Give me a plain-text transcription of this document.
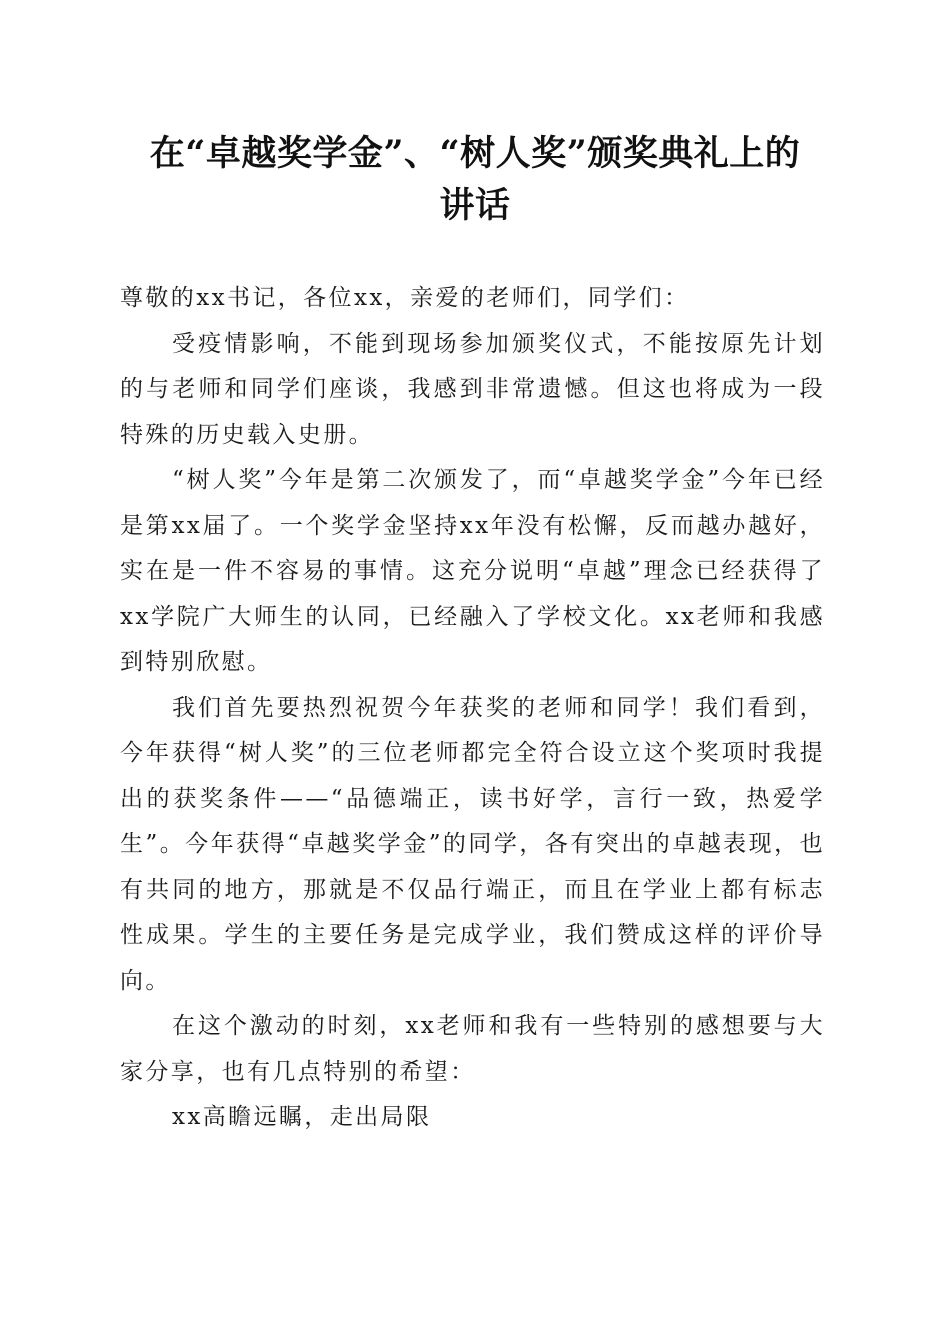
在“卓越奖学金”、“树人奖”颁奖典礼上的
讲话

尊敬的xx书记，各位xx，亲爱的老师们，同学们：

受疫情影响，不能到现场参加颁奖仪式，不能按原先计划的与老师和同学们座谈，我感到非常遗憾。但这也将成为一段特殊的历史载入史册。

“树人奖”今年是第二次颁发了，而“卓越奖学金”今年已经是第xx届了。一个奖学金坚持xx年没有松懈，反而越办越好，实在是一件不容易的事情。这充分说明“卓越”理念已经获得了xx学院广大师生的认同，已经融入了学校文化。xx老师和我感到特别欣慰。

我们首先要热烈祝贺今年获奖的老师和同学！我们看到，今年获得“树人奖”的三位老师都完全符合设立这个奖项时我提出的获奖条件——“品德端正，读书好学，言行一致，热爱学生”。今年获得“卓越奖学金”的同学，各有突出的卓越表现，也有共同的地方，那就是不仅品行端正，而且在学业上都有标志性成果。学生的主要任务是完成学业，我们赞成这样的评价导向。

在这个激动的时刻，xx老师和我有一些特别的感想要与大家分享，也有几点特别的希望：

xx高瞻远瞩，走出局限
